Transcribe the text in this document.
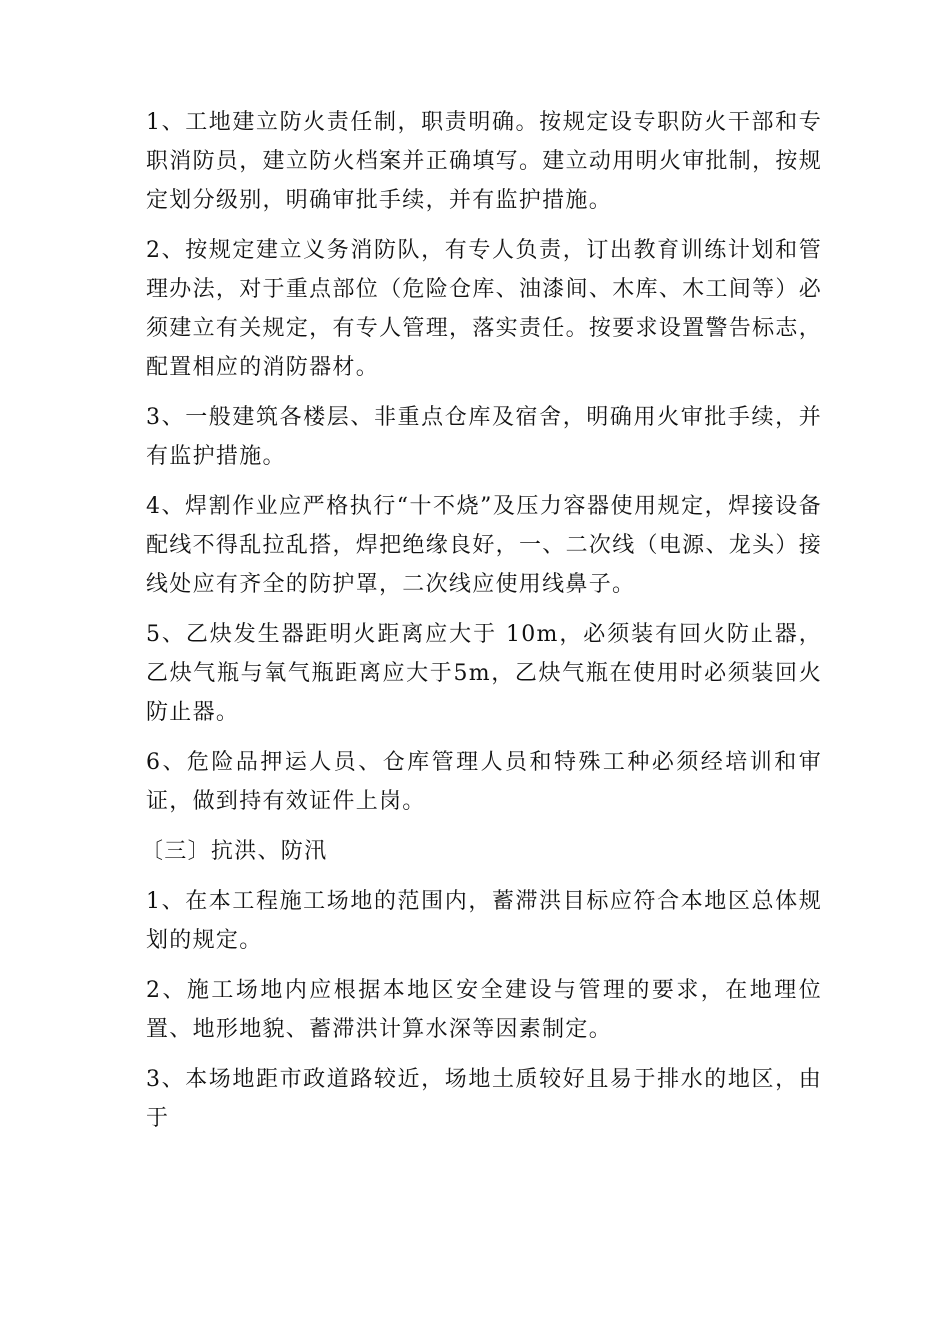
1、工地建立防火责任制，职责明确。按规定设专职防火干部和专职消防员，建立防火档案并正确填写。建立动用明火审批制，按规定划分级别，明确审批手续，并有监护措施。

2、按规定建立义务消防队，有专人负责，订出教育训练计划和管理办法，对于重点部位（危险仓库、油漆间、木库、木工间等）必须建立有关规定，有专人管理，落实责任。按要求设置警告标志，配置相应的消防器材。

3、一般建筑各楼层、非重点仓库及宿舍，明确用火审批手续，并有监护措施。

4、焊割作业应严格执行“十不烧”及压力容器使用规定，焊接设备配线不得乱拉乱搭，焊把绝缘良好，一、二次线（电源、龙头）接线处应有齐全的防护罩，二次线应使用线鼻子。

5、乙炔发生器距明火距离应大于 10m，必须装有回火防止器，乙炔气瓶与氧气瓶距离应大于5m，乙炔气瓶在使用时必须装回火防止器。

6、危险品押运人员、仓库管理人员和特殊工种必须经培训和审证，做到持有效证件上岗。

〔三〕抗洪、防汛

1、在本工程施工场地的范围内，蓄滞洪目标应符合本地区总体规划的规定。

2、施工场地内应根据本地区安全建设与管理的要求，在地理位置、地形地貌、蓄滞洪计算水深等因素制定。

3、本场地距市政道路较近，场地土质较好且易于排水的地区，由于
